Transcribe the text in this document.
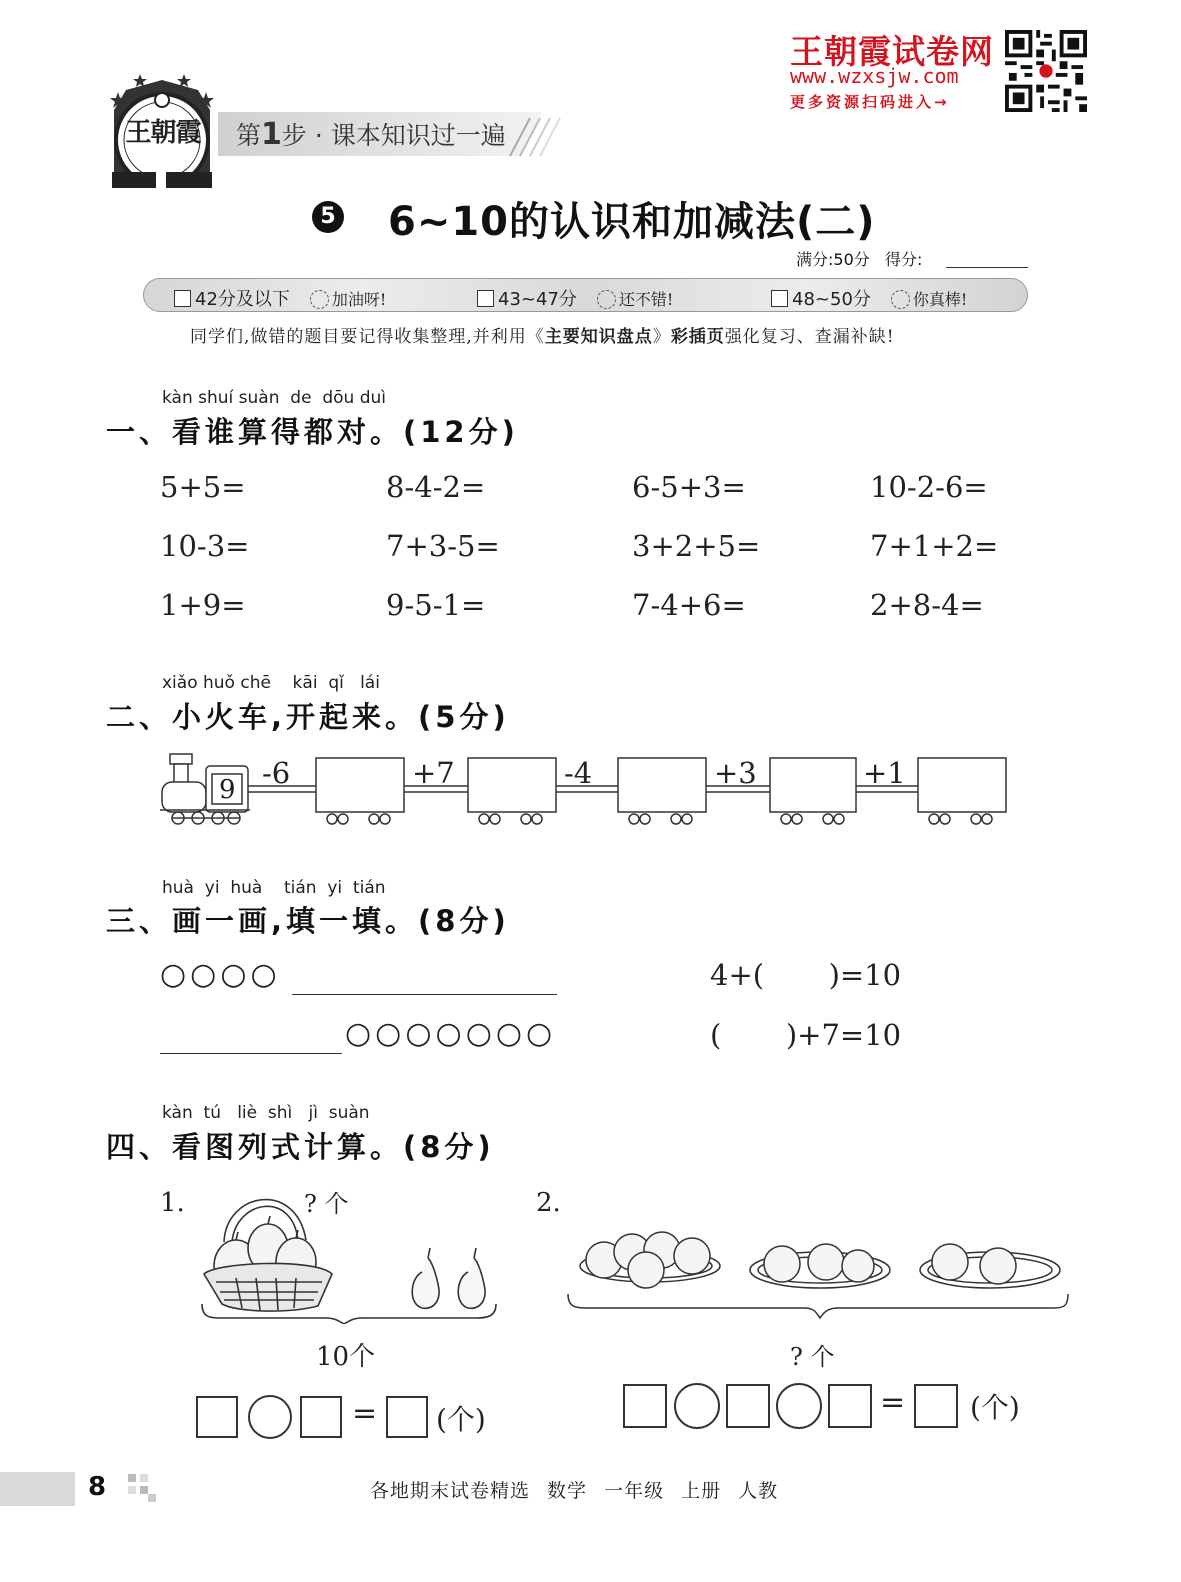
王朝霞试卷网
www.wzxsjw.com
更多资源扫码进入→
王朝霞	第1步 · 课本知识过一遍
5 6~10的认识和加减法(二)
满分:50分   得分:
42分及以下	加油呀!	43~47分	还不错!	48~50分	你真棒!
同学们,做错的题目要记得收集整理,并利用《主要知识盘点》彩插页强化复习、查漏补缺!
kàn shuí suàn  de  dōu duì
一、看谁算得都对。(12分)
5+5=	8-4-2=	6-5+3=	10-2-6=
10-3=	7+3-5=	3+2+5=	7+1+2=
1+9=	9-5-1=	7-4+6=	2+8-4=
xiǎo huǒ chē    kāi  qǐ   lái
二、小火车,开起来。(5分)
9 -6	+7	-4	+3	+1
huà  yi  huà    tián  yi  tián
三、画一画,填一填。(8分)
○○○○
○○○○○○○
4+(       )=10
(       )+7=10
kàn  tú   liè  shì   jì  suàn
四、看图列式计算。(8分)
1.	? 个
10个
= (个)
2.
? 个
= (个)
8	各地期末试卷精选 数学 一年级 上册 人教
